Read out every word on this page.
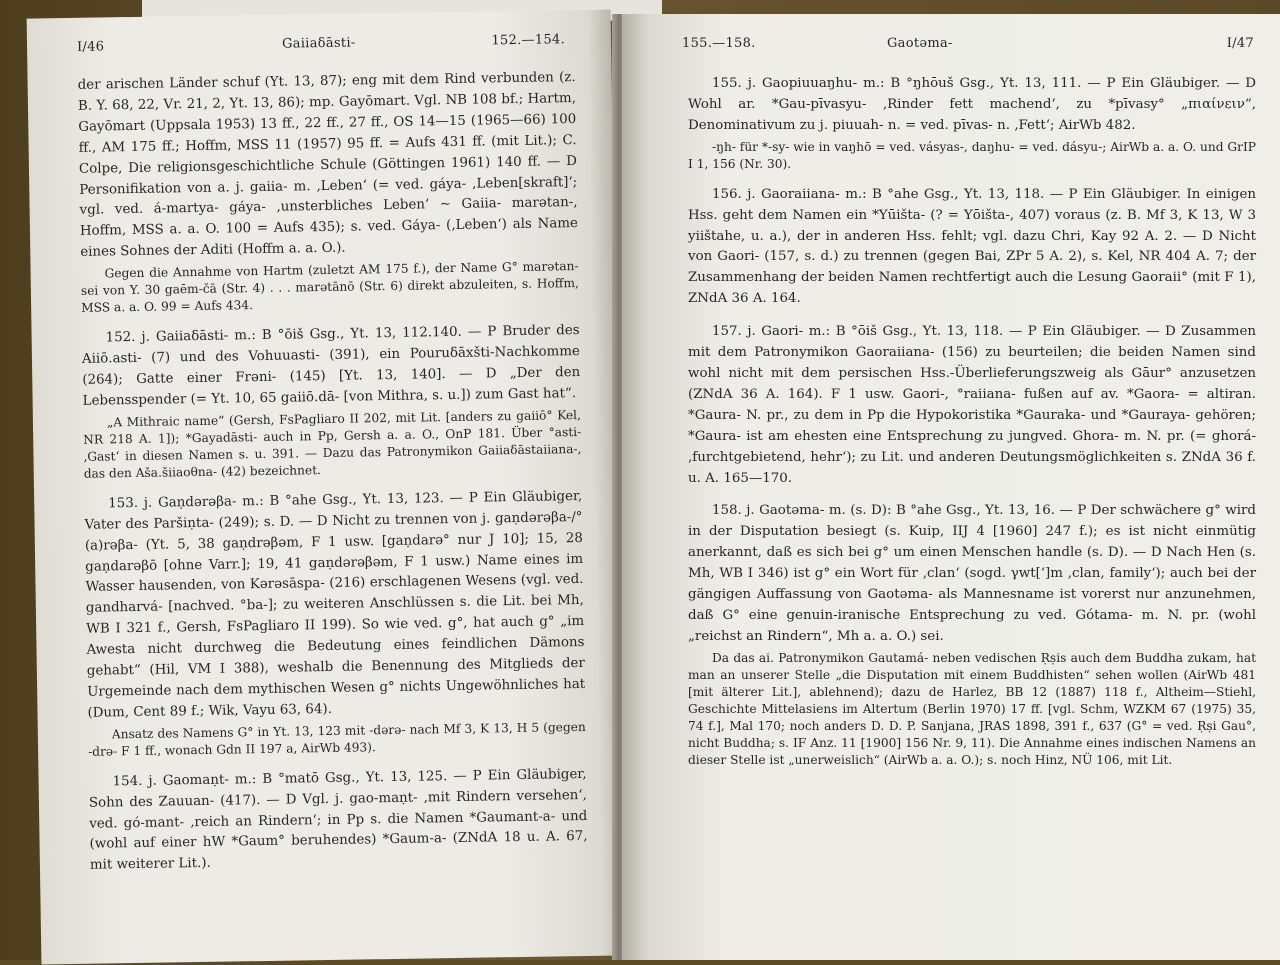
I/46	Gaiiaδāsti-	152.—154.

der arischen Länder schuf (Yt. 13, 87); eng mit dem Rind verbunden (z. B. Y. 68, 22, Vr. 21, 2, Yt. 13, 86); mp. Gayōmart. Vgl. NB 108 bf.; Hartm, Gayōmart (Uppsala 1953) 13 ff., 22 ff., 27 ff., OS 14—15 (1965—66) 100 ff., AM 175 ff.; Hoffm, MSS 11 (1957) 95 ff. = Aufs 431 ff. (mit Lit.); C. Colpe, Die religionsgeschichtliche Schule (Göttingen 1961) 140 ff. — D Personifikation von a. j. gaiia- m. ‚Leben‘ (= ved. gáya- ‚Leben[skraft]‘; vgl. ved. á-martya- gáya- ‚unsterbliches Leben‘ ~ Gaiia- marətan-, Hoffm, MSS a. a. O. 100 = Aufs 435); s. ved. Gáya- (‚Leben‘) als Name eines Sohnes der Aditi (Hoffm a. a. O.).

Gegen die Annahme von Hartm (zuletzt AM 175 f.), der Name G° marətan- sei von Y. 30 gaēm-čā (Str. 4) . . . marətānō (Str. 6) direkt abzuleiten, s. Hoffm, MSS a. a. O. 99 = Aufs 434.

152. j. Gaiiaδāsti- m.: B °ōiš Gsg., Yt. 13, 112.140. — P Bruder des Aiiō.asti- (7) und des Vohuuasti- (391), ein Pouruδāxšti-Nachkomme (264); Gatte einer Frəni- (145) [Yt. 13, 140]. — D „Der den Lebensspender (= Yt. 10, 65 gaiiō.dā- [von Mithra, s. u.]) zum Gast hat“.

„A Mithraic name“ (Gersh, FsPagliaro II 202, mit Lit. [anders zu gaiiō° Kel, NR 218 A. 1]); *Gayadāsti- auch in Pp, Gersh a. a. O., OnP 181. Über °asti- ‚Gast‘ in diesen Namen s. u. 391. — Dazu das Patronymikon Gaiiaδāstaiiana-, das den Aša.šiiaoθna- (42) bezeichnet.

153. j. Gaṇdərəβa- m.: B °ahe Gsg., Yt. 13, 123. — P Ein Gläubiger, Vater des Paršiṇta- (249); s. D. — D Nicht zu trennen von j. gaṇdərəβa-/°(a)rəβa- (Yt. 5, 38 gaṇdrəβəm, F 1 usw. [gaṇdarə° nur J 10]; 15, 28 gaṇdarəβō [ohne Varr.]; 19, 41 gaṇdərəβəm, F 1 usw.) Name eines im Wasser hausenden, von Kərəsāspa- (216) erschlagenen Wesens (vgl. ved. gandharvá- [nachved. °ba-]; zu weiteren Anschlüssen s. die Lit. bei Mh, WB I 321 f., Gersh, FsPagliaro II 199). So wie ved. g°, hat auch g° „im Awesta nicht durchweg die Bedeutung eines feindlichen Dämons gehabt“ (Hil, VM I 388), weshalb die Benennung des Mitglieds der Urgemeinde nach dem mythischen Wesen g° nichts Ungewöhnliches hat (Dum, Cent 89 f.; Wik, Vayu 63, 64).

Ansatz des Namens G° in Yt. 13, 123 mit -dərə- nach Mf 3, K 13, H 5 (gegen -drə- F 1 ff., wonach Gdn II 197 a, AirWb 493).

154. j. Gaomaṇt- m.: B °matō Gsg., Yt. 13, 125. — P Ein Gläubiger, Sohn des Zauuan- (417). — D Vgl. j. gao-maṇt- ‚mit Rindern versehen‘, ved. gó-mant- ‚reich an Rindern‘; in Pp s. die Namen *Gaumant-a- und (wohl auf einer hW *Gaum° beruhendes) *Gaum-a- (ZNdA 18 u. A. 67, mit weiterer Lit.).

155.—158.	Gaotəma-	I/47

155. j. Gaopiuuaŋhu- m.: B °ŋhōuš Gsg., Yt. 13, 111. — P Ein Gläubiger. — D Wohl ar. *Gau-pīvasyu- ‚Rinder fett machend‘, zu *pīvasy° „πιαίνειν“, Denominativum zu j. piuuah- n. = ved. pīvas- n. ‚Fett‘; AirWb 482.

-ŋh- für *-sy- wie in vaŋhō = ved. vásyas-, daŋhu- = ved. dásyu-; AirWb a. a. O. und GrIP I 1, 156 (Nr. 30).

156. j. Gaoraiiana- m.: B °ahe Gsg., Yt. 13, 118. — P Ein Gläubiger. In einigen Hss. geht dem Namen ein *Yūišta- (? = Yōišta-, 407) voraus (z. B. Mf 3, K 13, W 3 yiištahe, u. a.), der in anderen Hss. fehlt; vgl. dazu Chri, Kay 92 A. 2. — D Nicht von Gaori- (157, s. d.) zu trennen (gegen Bai, ZPr 5 A. 2), s. Kel, NR 404 A. 7; der Zusammenhang der beiden Namen rechtfertigt auch die Lesung Gaoraii° (mit F 1), ZNdA 36 A. 164.

157. j. Gaori- m.: B °ōiš Gsg., Yt. 13, 118. — P Ein Gläubiger. — D Zusammen mit dem Patronymikon Gaoraiiana- (156) zu beurteilen; die beiden Namen sind wohl nicht mit dem persischen Hss.-Überlieferungszweig als Gāur° anzusetzen (ZNdA 36 A. 164). F 1 usw. Gaori-, °raiiana- fußen auf av. *Gaora- = altiran. *Gaura- N. pr., zu dem in Pp die Hypokoristika *Gauraka- und *Gauraya- gehören; *Gaura- ist am ehesten eine Entsprechung zu jungved. Ghora- m. N. pr. (= ghorá- ‚furchtgebietend, hehr‘); zu Lit. und anderen Deutungsmöglichkeiten s. ZNdA 36 f. u. A. 165—170.

158. j. Gaotəma- m. (s. D): B °ahe Gsg., Yt. 13, 16. — P Der schwächere g° wird in der Disputation besiegt (s. Kuip, IIJ 4 [1960] 247 f.); es ist nicht einmütig anerkannt, daß es sich bei g° um einen Menschen handle (s. D). — D Nach Hen (s. Mh, WB I 346) ist g° ein Wort für ‚clan‘ (sogd. γwt[‘]m ‚clan, family‘); auch bei der gängigen Auffassung von Gaotəma- als Mannesname ist vorerst nur anzunehmen, daß G° eine genuin-iranische Entsprechung zu ved. Gótama- m. N. pr. (wohl „reichst an Rindern“, Mh a. a. O.) sei.

Da das ai. Patronymikon Gautamá- neben vedischen Ṛṣis auch dem Buddha zukam, hat man an unserer Stelle „die Disputation mit einem Buddhisten“ sehen wollen (AirWb 481 [mit älterer Lit.], ablehnend); dazu de Harlez, BB 12 (1887) 118 f., Altheim—Stiehl, Geschichte Mittelasiens im Altertum (Berlin 1970) 17 ff. [vgl. Schm, WZKM 67 (1975) 35, 74 f.], Mal 170; noch anders D. D. P. Sanjana, JRAS 1898, 391 f., 637 (G° = ved. Ṛṣi Gau°, nicht Buddha; s. IF Anz. 11 [1900] 156 Nr. 9, 11). Die Annahme eines indischen Namens an dieser Stelle ist „unerweislich“ (AirWb a. a. O.); s. noch Hinz, NÜ 106, mit Lit.
